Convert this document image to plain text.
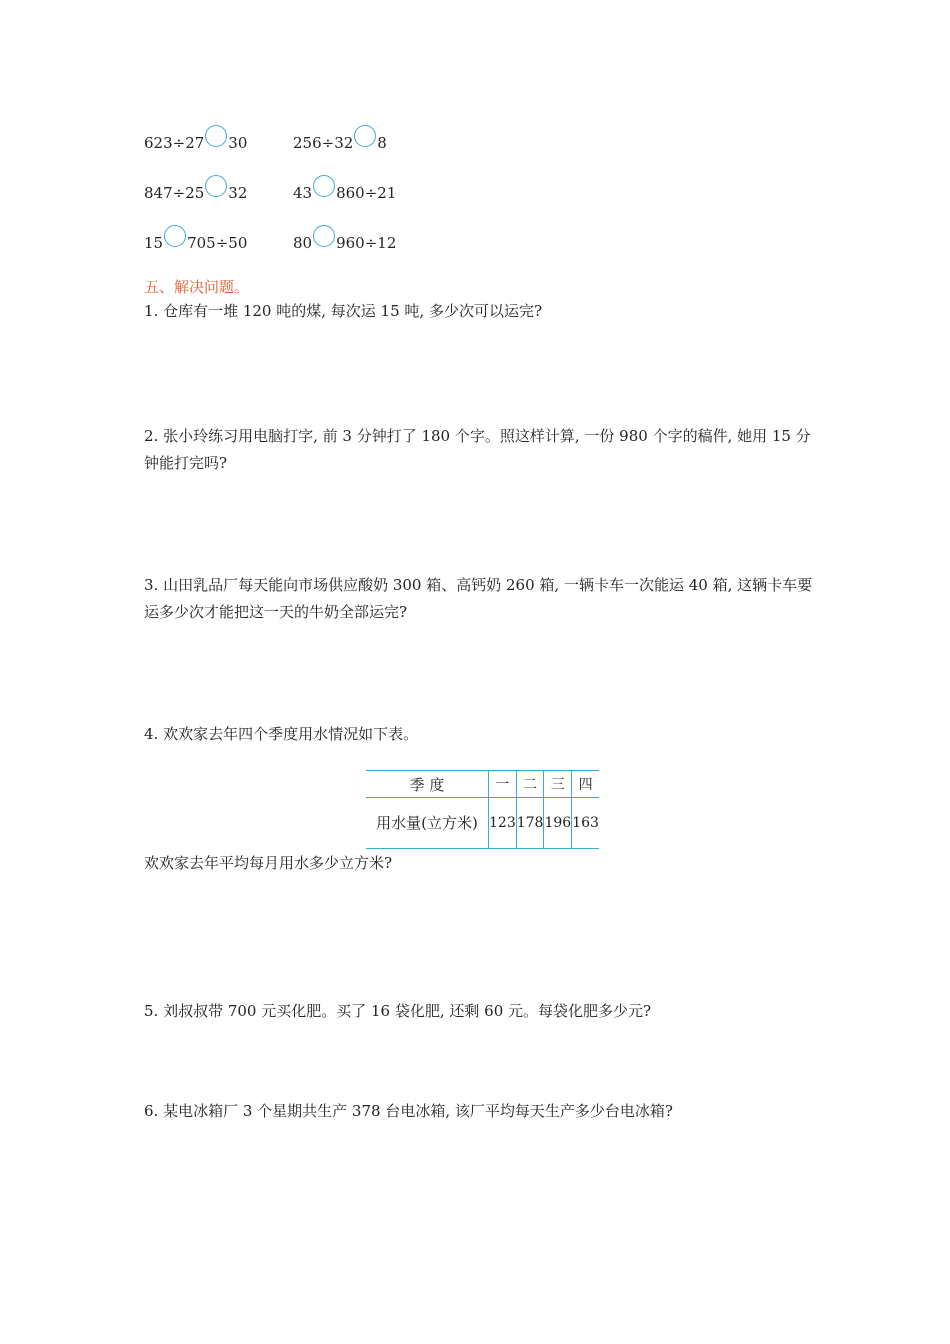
623÷27 30	256÷32 8
847÷25 32	43 860÷21
15 705÷50	80 960÷12
五、解决问题。
1. 仓库有一堆 120 吨的煤, 每次运 15 吨, 多少次可以运完?
2. 张小玲练习用电脑打字, 前 3 分钟打了 180 个字。照这样计算, 一份 980 个字的稿件, 她用 15 分钟能打完吗?
3. 山田乳品厂每天能向市场供应酸奶 300 箱、高钙奶 260 箱, 一辆卡车一次能运 40 箱, 这辆卡车要运多少次才能把这一天的牛奶全部运完?
4. 欢欢家去年四个季度用水情况如下表。
季 度	一	二	三	四
用水量(立方米)	123	178	196	163
欢欢家去年平均每月用水多少立方米?
5. 刘叔叔带 700 元买化肥。买了 16 袋化肥, 还剩 60 元。每袋化肥多少元?
6. 某电冰箱厂 3 个星期共生产 378 台电冰箱, 该厂平均每天生产多少台电冰箱?
